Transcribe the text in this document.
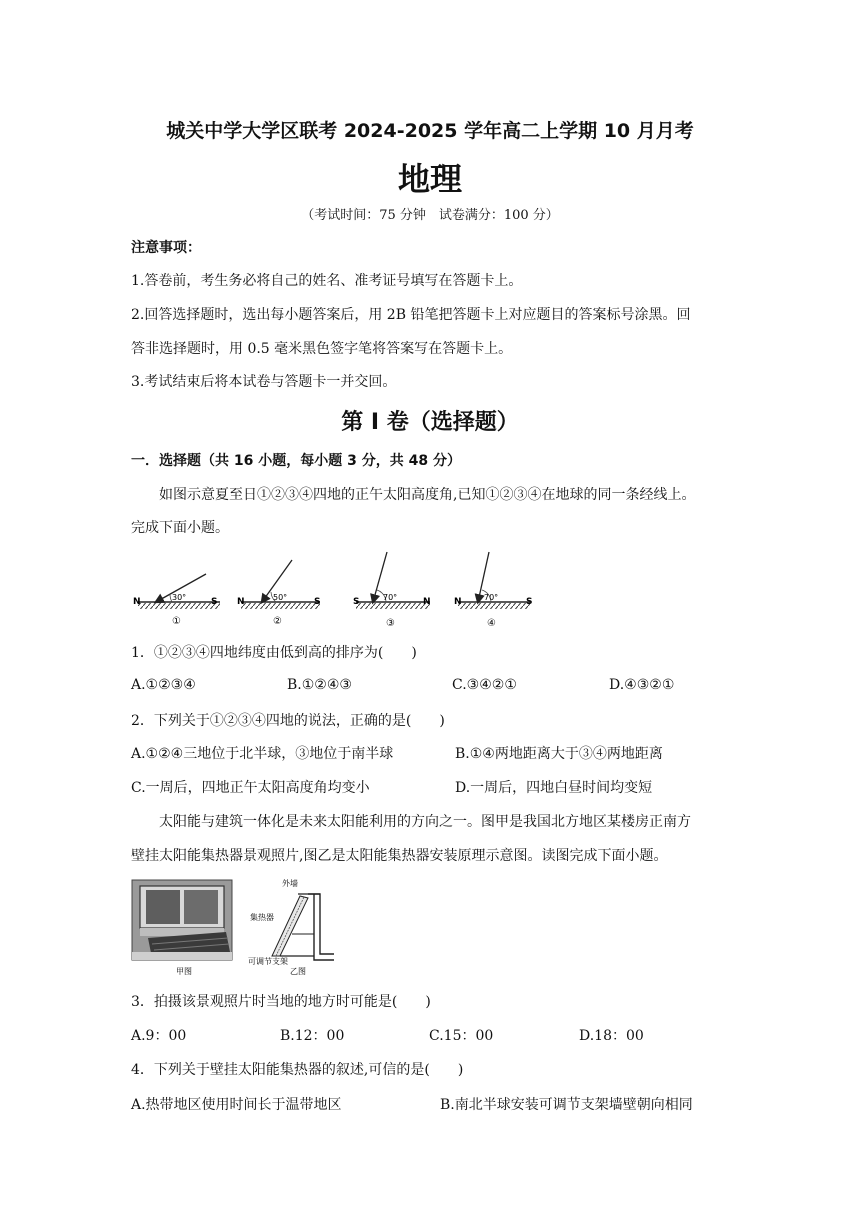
城关中学大学区联考 2024-2025 学年高二上学期 10 月月考
地理
（考试时间：75 分钟　试卷满分：100 分）
注意事项：
1.答卷前，考生务必将自己的姓名、准考证号填写在答题卡上。
2.回答选择题时，选出每小题答案后，用 2B 铅笔把答题卡上对应题目的答案标号涂黑。回
答非选择题时，用 0.5 毫米黑色签字笔将答案写在答题卡上。
3.考试结束后将本试卷与答题卡一并交回。
第 I 卷（选择题）
一．选择题（共 16 小题，每小题 3 分，共 48 分）
如图示意夏至日①②③④四地的正午太阳高度角,已知①②③④在地球的同一条经线上。
完成下面小题。
N	S
30°
①
N	S
50°
②
S	N
70°
③
N	S
70°
④
1．①②③④四地纬度由低到高的排序为(　　)
A.①②③④	B.①②④③	C.③④②①	D.④③②①
2．下列关于①②③④四地的说法，正确的是(　　)
A.①②④三地位于北半球，③地位于南半球	B.①④两地距离大于③④两地距离
C.一周后，四地正午太阳高度角均变小	D.一周后，四地白昼时间均变短
太阳能与建筑一体化是未来太阳能利用的方向之一。图甲是我国北方地区某楼房正南方
壁挂太阳能集热器景观照片,图乙是太阳能集热器安装原理示意图。读图完成下面小题。
甲图
外墙
集热器
可调节支架
乙图
3．拍摄该景观照片时当地的地方时可能是(　　)
A.9：00	B.12：00	C.15：00	D.18：00
4．下列关于壁挂太阳能集热器的叙述,可信的是(　　)
A.热带地区使用时间长于温带地区	B.南北半球安装可调节支架墙壁朝向相同
